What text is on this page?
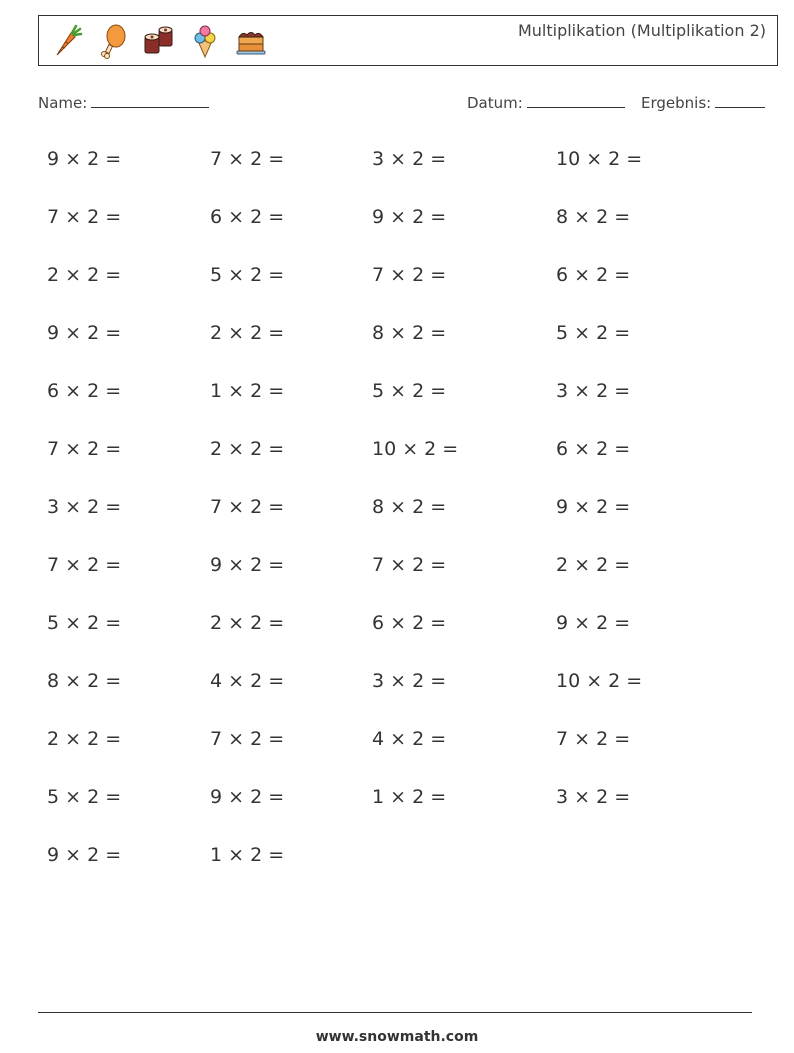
Multiplikation (Multiplikation 2)
Name:	Datum:	Ergebnis:
9 × 2 =	7 × 2 =	3 × 2 =	10 × 2 =
7 × 2 =	6 × 2 =	9 × 2 =	8 × 2 =
2 × 2 =	5 × 2 =	7 × 2 =	6 × 2 =
9 × 2 =	2 × 2 =	8 × 2 =	5 × 2 =
6 × 2 =	1 × 2 =	5 × 2 =	3 × 2 =
7 × 2 =	2 × 2 =	10 × 2 =	6 × 2 =
3 × 2 =	7 × 2 =	8 × 2 =	9 × 2 =
7 × 2 =	9 × 2 =	7 × 2 =	2 × 2 =
5 × 2 =	2 × 2 =	6 × 2 =	9 × 2 =
8 × 2 =	4 × 2 =	3 × 2 =	10 × 2 =
2 × 2 =	7 × 2 =	4 × 2 =	7 × 2 =
5 × 2 =	9 × 2 =	1 × 2 =	3 × 2 =
9 × 2 =	1 × 2 =
www.snowmath.com
